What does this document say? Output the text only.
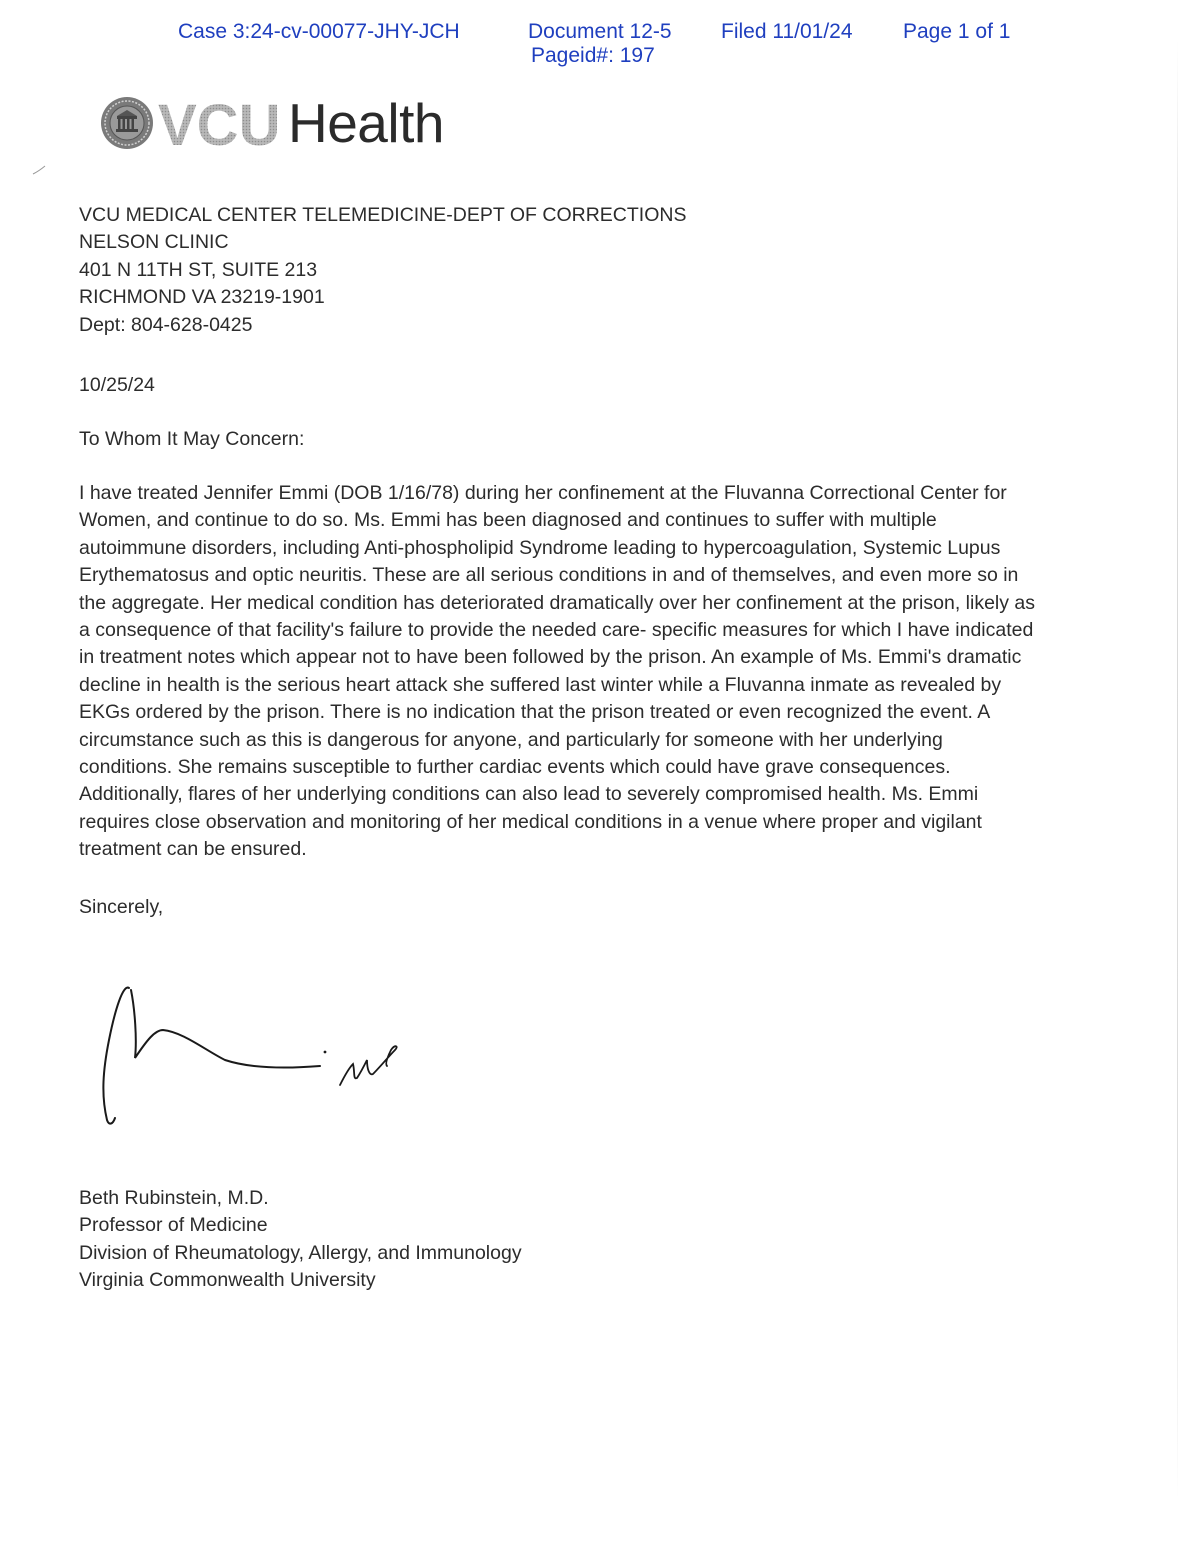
Case 3:24-cv-00077-JHY-JCH	Document 12-5 Filed 11/01/24 Page 1 of 1
Pageid#: 197
VCU Health
VCU MEDICAL CENTER TELEMEDICINE-DEPT OF CORRECTIONS
NELSON CLINIC
401 N 11TH ST, SUITE 213
RICHMOND VA 23219-1901
Dept: 804-628-0425
10/25/24
To Whom It May Concern:
I have treated Jennifer Emmi (DOB 1/16/78) during her confinement at the Fluvanna Correctional Center for
Women, and continue to do so. Ms. Emmi has been diagnosed and continues to suffer with multiple
autoimmune disorders, including Anti-phospholipid Syndrome leading to hypercoagulation, Systemic Lupus
Erythematosus and optic neuritis. These are all serious conditions in and of themselves, and even more so in
the aggregate. Her medical condition has deteriorated dramatically over her confinement at the prison, likely as
a consequence of that facility's failure to provide the needed care- specific measures for which I have indicated
in treatment notes which appear not to have been followed by the prison. An example of Ms. Emmi's dramatic
decline in health is the serious heart attack she suffered last winter while a Fluvanna inmate as revealed by
EKGs ordered by the prison. There is no indication that the prison treated or even recognized the event. A
circumstance such as this is dangerous for anyone, and particularly for someone with her underlying
conditions. She remains susceptible to further cardiac events which could have grave consequences.
Additionally, flares of her underlying conditions can also lead to severely compromised health. Ms. Emmi
requires close observation and monitoring of her medical conditions in a venue where proper and vigilant
treatment can be ensured.
Sincerely,
Beth Rubinstein, M.D.
Professor of Medicine
Division of Rheumatology, Allergy, and Immunology
Virginia Commonwealth University
